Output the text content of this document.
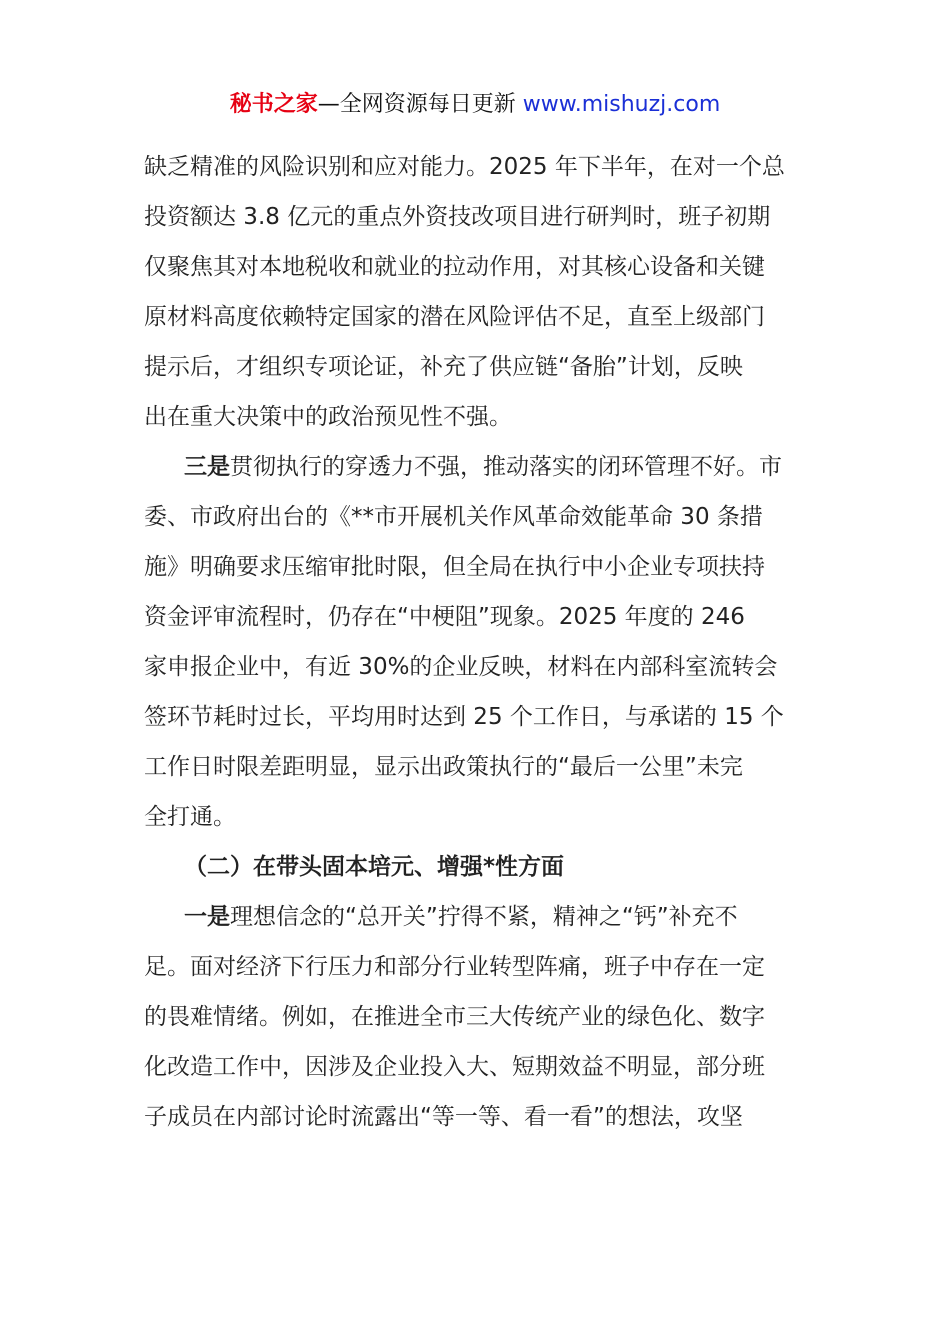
秘书之家—全网资源每日更新 www.mishuzj.com
缺乏精准的风险识别和应对能力。2025 年下半年，在对一个总
投资额达 3.8 亿元的重点外资技改项目进行研判时，班子初期
仅聚焦其对本地税收和就业的拉动作用，对其核心设备和关键
原材料高度依赖特定国家的潜在风险评估不足，直至上级部门
提示后，才组织专项论证，补充了供应链“备胎”计划，反映
出在重大决策中的政治预见性不强。
三是贯彻执行的穿透力不强，推动落实的闭环管理不好。市
委、市政府出台的《**市开展机关作风革命效能革命 30 条措
施》明确要求压缩审批时限，但全局在执行中小企业专项扶持
资金评审流程时，仍存在“中梗阻”现象。2025 年度的 246
家申报企业中，有近 30%的企业反映，材料在内部科室流转会
签环节耗时过长，平均用时达到 25 个工作日，与承诺的 15 个
工作日时限差距明显，显示出政策执行的“最后一公里”未完
全打通。
（二）在带头固本培元、增强*性方面
一是理想信念的“总开关”拧得不紧，精神之“钙”补充不
足。面对经济下行压力和部分行业转型阵痛，班子中存在一定
的畏难情绪。例如，在推进全市三大传统产业的绿色化、数字
化改造工作中，因涉及企业投入大、短期效益不明显，部分班
子成员在内部讨论时流露出“等一等、看一看”的想法，攻坚
